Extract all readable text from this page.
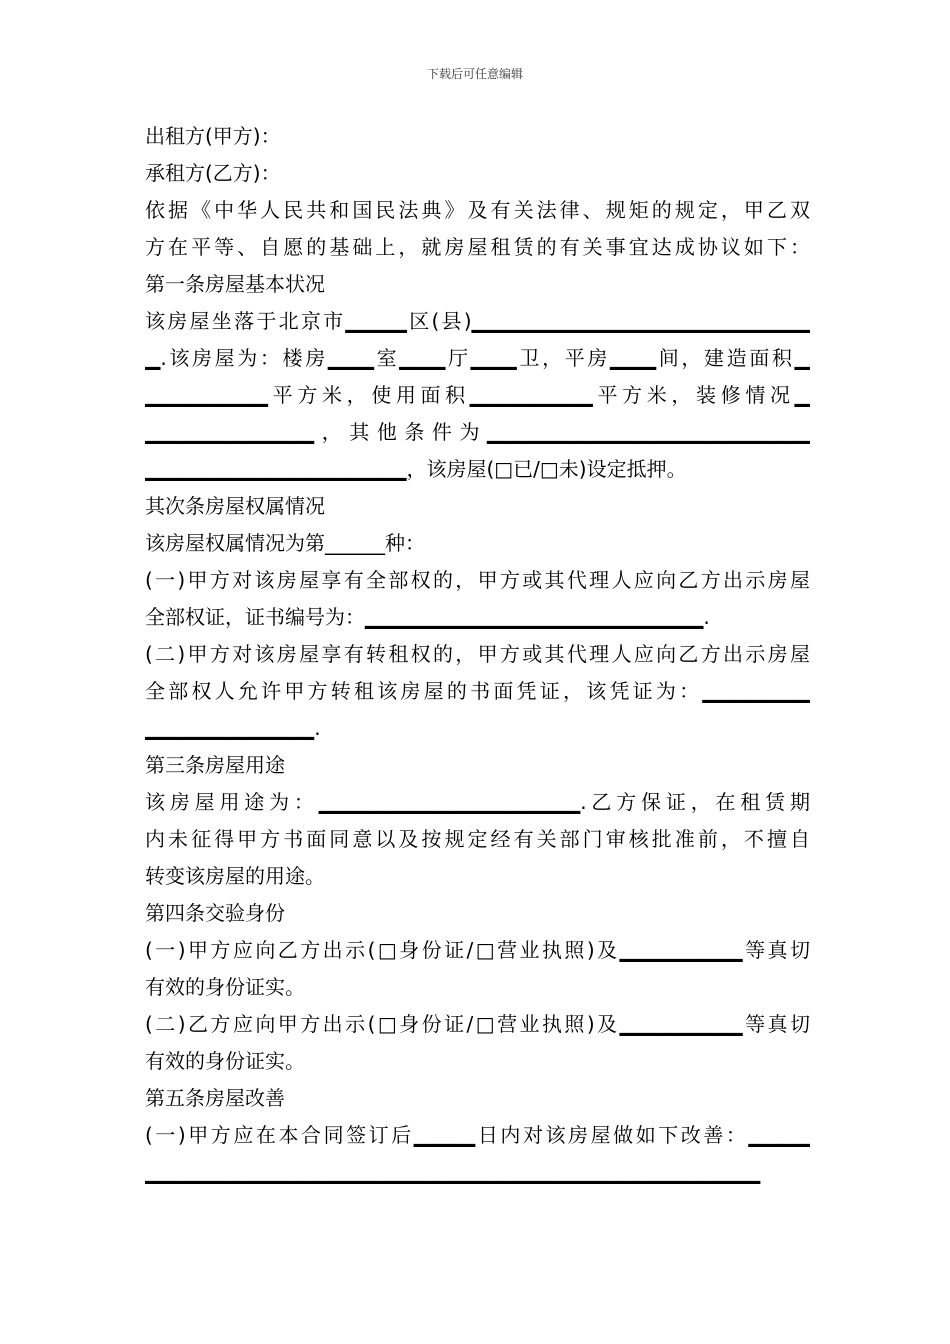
下载后可任意编辑
出租方(甲方)：
承租方(乙方)：
依据《中华人民共和国民法典》及有关法律、规矩的规定，甲乙双
方在平等、自愿的基础上，就房屋租赁的有关事宜达成协议如下：
第一条房屋基本状况
该房屋坐落于北京市▁▁▁▁区(县)▁▁▁▁▁▁▁▁▁▁▁▁▁▁▁▁▁▁▁▁▁▁
▁.该房屋为：楼房▁▁▁室▁▁▁厅▁▁▁卫，平房▁▁▁间，建造面积▁
▁▁▁▁▁▁▁▁平方米，使用面积▁▁▁▁▁▁▁▁平方米，装修情况▁
▁▁▁▁▁▁▁▁▁▁▁，其他条件为▁▁▁▁▁▁▁▁▁▁▁▁▁▁▁▁▁▁▁▁▁
▁▁▁▁▁▁▁▁▁▁▁▁▁▁▁▁▁，该房屋(□已/□未)设定抵押。
其次条房屋权属情况
该房屋权属情况为第______种：
(一)甲方对该房屋享有全部权的，甲方或其代理人应向乙方出示房屋
全部权证，证书编号为：▁▁▁▁▁▁▁▁▁▁▁▁▁▁▁▁▁▁▁▁▁▁.
(二)甲方对该房屋享有转租权的，甲方或其代理人应向乙方出示房屋
全部权人允许甲方转租该房屋的书面凭证，该凭证为：▁▁▁▁▁▁▁
▁▁▁▁▁▁▁▁▁▁▁.
第三条房屋用途
该房屋用途为：▁▁▁▁▁▁▁▁▁▁▁▁▁▁▁▁▁.乙方保证，在租赁期
内未征得甲方书面同意以及按规定经有关部门审核批准前，不擅自
转变该房屋的用途。
第四条交验身份
(一)甲方应向乙方出示(□身份证/□营业执照)及▁▁▁▁▁▁▁▁等真切
有效的身份证实。
(二)乙方应向甲方出示(□身份证/□营业执照)及▁▁▁▁▁▁▁▁等真切
有效的身份证实。
第五条房屋改善
(一)甲方应在本合同签订后▁▁▁▁日内对该房屋做如下改善：▁▁▁▁
▁▁▁▁▁▁▁▁▁▁▁▁▁▁▁▁▁▁▁▁▁▁▁▁▁▁▁▁▁▁▁▁▁▁▁▁▁▁▁▁
